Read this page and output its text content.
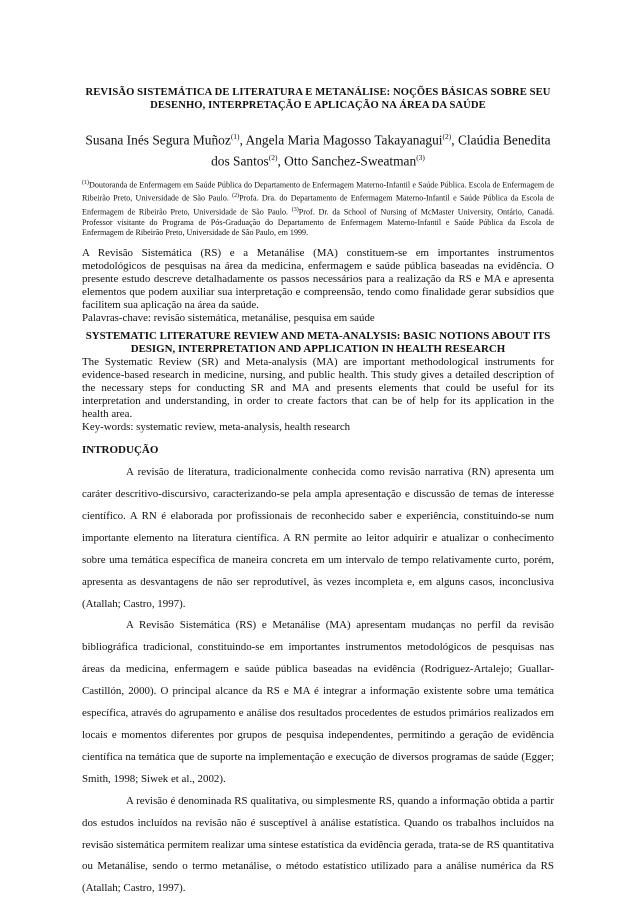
REVISÃO SISTEMÁTICA DE LITERATURA E METANÁLISE: NOÇÕES BÁSICAS SOBRE SEU DESENHO, INTERPRETAÇÃO E APLICAÇÃO NA ÁREA DA SAÚDE
Susana Inés Segura Muñoz$^{(1)}$, Angela Maria Magosso Takayanagui$^{(2)}$, Claúdia Benedita dos Santos$^{(2)}$, Otto Sanchez-Sweatman$^{(3)}$
$^{(1)}$Doutoranda de Enfermagem em Saúde Pública do Departamento de Enfermagem Materno-Infantil e Saúde Pública. Escola de Enfermagem de Ribeirão Preto, Universidade de São Paulo. $^{(2)}$Profa. Dra. do Departamento de Enfermagem Materno-Infantil e Saúde Pública da Escola de Enfermagem de Ribeirão Preto, Universidade de São Paulo. $^{(3)}$Prof. Dr. da School of Nursing of McMaster University, Ontário, Canadá. Professor visitante do Programa de Pós-Graduação do Departamento de Enfermagem Materno-Infantil e Saúde Pública da Escola de Enfermagem de Ribeirão Preto, Universidade de São Paulo, em 1999.
A Revisão Sistemática (RS) e a Metanálise (MA) constituem-se em importantes instrumentos metodológicos de pesquisas na área da medicina, enfermagem e saúde pública baseadas na evidência. O presente estudo descreve detalhadamente os passos necessários para a realização da RS e MA e apresenta elementos que podem auxiliar sua interpretação e compreensão, tendo como finalidade gerar subsídios que facilitem sua aplicação na área da saúde.
Palavras-chave: revisão sistemática, metanálise, pesquisa em saúde
SYSTEMATIC LITERATURE REVIEW AND META-ANALYSIS: BASIC NOTIONS ABOUT ITS DESIGN, INTERPRETATION AND APPLICATION IN HEALTH RESEARCH
The Systematic Review (SR) and Meta-analysis (MA) are important methodological instruments for evidence-based research in medicine, nursing, and public health. This study gives a detailed description of the necessary steps for conducting SR and MA and presents elements that could be useful for its interpretation and understanding, in order to create factors that can be of help for its application in the health area.
Key-words: systematic review, meta-analysis, health research
INTRODUÇÃO

A revisão de literatura, tradicionalmente conhecida como revisão narrativa (RN) apresenta um caráter descritivo-discursivo, caracterizando-se pela ampla apresentação e discussão de temas de interesse científico. A RN é elaborada por profissionais de reconhecido saber e experiência, constituindo-se num importante elemento na literatura científica. A RN permite ao leitor adquirir e atualizar o conhecimento sobre uma temática específica de maneira concreta em um intervalo de tempo relativamente curto, porém, apresenta as desvantagens de não ser reprodutível, às vezes incompleta e, em alguns casos, inconclusiva (Atallah; Castro, 1997).

A Revisão Sistemática (RS) e Metanálise (MA) apresentam mudanças no perfil da revisão bibliográfica tradicional, constituindo-se em importantes instrumentos metodológicos de pesquisas nas áreas da medicina, enfermagem e saúde pública baseadas na evidência (Rodriguez-Artalejo; Guallar-Castillón, 2000). O principal alcance da RS e MA é integrar a informação existente sobre uma temática específica, através do agrupamento e análise dos resultados procedentes de estudos primários realizados em locais e momentos diferentes por grupos de pesquisa independentes, permitindo a geração de evidência científica na temática que de suporte na implementação e execução de diversos programas de saúde (Egger; Smith, 1998; Siwek et al., 2002).

A revisão é denominada RS qualitativa, ou simplesmente RS, quando a informação obtida a partir dos estudos incluídos na revisão não é susceptível à análise estatística. Quando os trabalhos incluídos na revisão sistemática permitem realizar uma síntese estatística da evidência gerada, trata-se de RS quantitativa ou Metanálise, sendo o termo metanálise, o método estatístico utilizado para a análise numérica da RS (Atallah; Castro, 1997).
